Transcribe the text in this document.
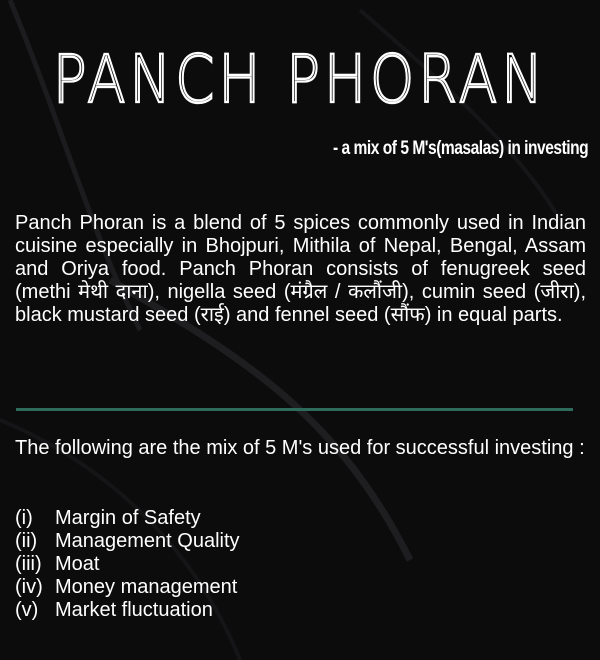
PANCH PHORAN
- a mix of 5 M's(masalas) in investing

Panch Phoran is a blend of 5 spices commonly used in Indian cuisine especially in Bhojpuri, Mithila of Nepal, Bengal, Assam and Oriya food. Panch Phoran consists of fenugreek seed (methi मेथी दाना), nigella seed (मंग्रैल / कलौंजी), cumin seed (जीरा), black mustard seed (राई) and fennel seed (सौंफ) in equal parts.

The following are the mix of 5 M's used for successful investing :

(i) Margin of Safety
(ii) Management Quality
(iii) Moat
(iv) Money management
(v) Market fluctuation
